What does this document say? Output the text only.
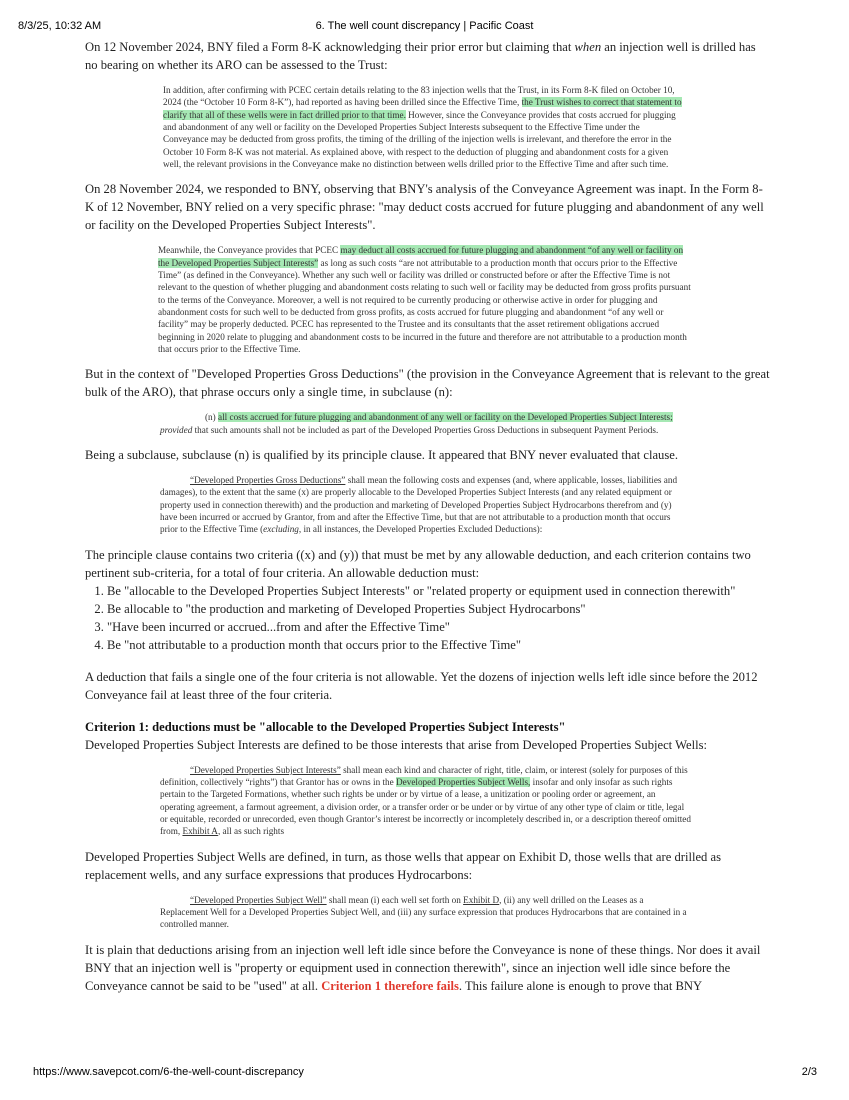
8/3/25, 10:32 AM	6. The well count discrepancy | Pacific Coast

On 12 November 2024, BNY filed a Form 8-K acknowledging their prior error but claiming that when an injection well is drilled has no bearing on whether its ARO can be assessed to the Trust:

In addition, after confirming with PCEC certain details relating to the 83 injection wells that the Trust, in its Form 8-K filed on October 10, 2024 (the “October 10 Form 8-K”), had reported as having been drilled since the Effective Time, the Trust wishes to correct that statement to clarify that all of these wells were in fact drilled prior to that time. However, since the Conveyance provides that costs accrued for plugging and abandonment of any well or facility on the Developed Properties Subject Interests subsequent to the Effective Time under the Conveyance may be deducted from gross profits, the timing of the drilling of the injection wells is irrelevant, and therefore the error in the October 10 Form 8-K was not material. As explained above, with respect to the deduction of plugging and abandonment costs for a given well, the relevant provisions in the Conveyance make no distinction between wells drilled prior to the Effective Time and after such time.

On 28 November 2024, we responded to BNY, observing that BNY's analysis of the Conveyance Agreement was inapt. In the Form 8-K of 12 November, BNY relied on a very specific phrase: "may deduct costs accrued for future plugging and abandonment of any well or facility on the Developed Properties Subject Interests".

Meanwhile, the Conveyance provides that PCEC may deduct all costs accrued for future plugging and abandonment “of any well or facility on the Developed Properties Subject Interests” as long as such costs “are not attributable to a production month that occurs prior to the Effective Time” (as defined in the Conveyance). Whether any such well or facility was drilled or constructed before or after the Effective Time is not relevant to the question of whether plugging and abandonment costs relating to such well or facility may be deducted from gross profits pursuant to the terms of the Conveyance. Moreover, a well is not required to be currently producing or otherwise active in order for plugging and abandonment costs for such well to be deducted from gross profits, as costs accrued for future plugging and abandonment “of any well or facility” may be properly deducted. PCEC has represented to the Trustee and its consultants that the asset retirement obligations accrued beginning in 2020 relate to plugging and abandonment costs to be incurred in the future and therefore are not attributable to a production month that occurs prior to the Effective Time.

But in the context of "Developed Properties Gross Deductions" (the provision in the Conveyance Agreement that is relevant to the great bulk of the ARO), that phrase occurs only a single time, in subclause (n):

(n) all costs accrued for future plugging and abandonment of any well or facility on the Developed Properties Subject Interests; provided that such amounts shall not be included as part of the Developed Properties Gross Deductions in subsequent Payment Periods.

Being a subclause, subclause (n) is qualified by its principle clause. It appeared that BNY never evaluated that clause.

“Developed Properties Gross Deductions” shall mean the following costs and expenses (and, where applicable, losses, liabilities and damages), to the extent that the same (x) are properly allocable to the Developed Properties Subject Interests (and any related equipment or property used in connection therewith) and the production and marketing of Developed Properties Subject Hydrocarbons therefrom and (y) have been incurred or accrued by Grantor, from and after the Effective Time, but that are not attributable to a production month that occurs prior to the Effective Time (excluding, in all instances, the Developed Properties Excluded Deductions):

The principle clause contains two criteria ((x) and (y)) that must be met by any allowable deduction, and each criterion contains two pertinent sub-criteria, for a total of four criteria. An allowable deduction must:

1. Be "allocable to the Developed Properties Subject Interests" or "related property or equipment used in connection therewith"
2. Be allocable to "the production and marketing of Developed Properties Subject Hydrocarbons"
3. "Have been incurred or accrued...from and after the Effective Time"
4. Be "not attributable to a production month that occurs prior to the Effective Time"

A deduction that fails a single one of the four criteria is not allowable. Yet the dozens of injection wells left idle since before the 2012 Conveyance fail at least three of the four criteria.

Criterion 1: deductions must be "allocable to the Developed Properties Subject Interests"

Developed Properties Subject Interests are defined to be those interests that arise from Developed Properties Subject Wells:

“Developed Properties Subject Interests” shall mean each kind and character of right, title, claim, or interest (solely for purposes of this definition, collectively “rights”) that Grantor has or owns in the Developed Properties Subject Wells, insofar and only insofar as such rights pertain to the Targeted Formations, whether such rights be under or by virtue of a lease, a unitization or pooling order or agreement, an operating agreement, a farmout agreement, a division order, or a transfer order or be under or by virtue of any other type of claim or title, legal or equitable, recorded or unrecorded, even though Grantor’s interest be incorrectly or incompletely described in, or a description thereof omitted from, Exhibit A, all as such rights

Developed Properties Subject Wells are defined, in turn, as those wells that appear on Exhibit D, those wells that are drilled as replacement wells, and any surface expressions that produces Hydrocarbons:

“Developed Properties Subject Well” shall mean (i) each well set forth on Exhibit D, (ii) any well drilled on the Leases as a Replacement Well for a Developed Properties Subject Well, and (iii) any surface expression that produces Hydrocarbons that are contained in a controlled manner.

It is plain that deductions arising from an injection well left idle since before the Conveyance is none of these things. Nor does it avail BNY that an injection well is "property or equipment used in connection therewith", since an injection well idle since before the Conveyance cannot be said to be "used" at all. Criterion 1 therefore fails. This failure alone is enough to prove that BNY

https://www.savepcot.com/6-the-well-count-discrepancy	2/3
